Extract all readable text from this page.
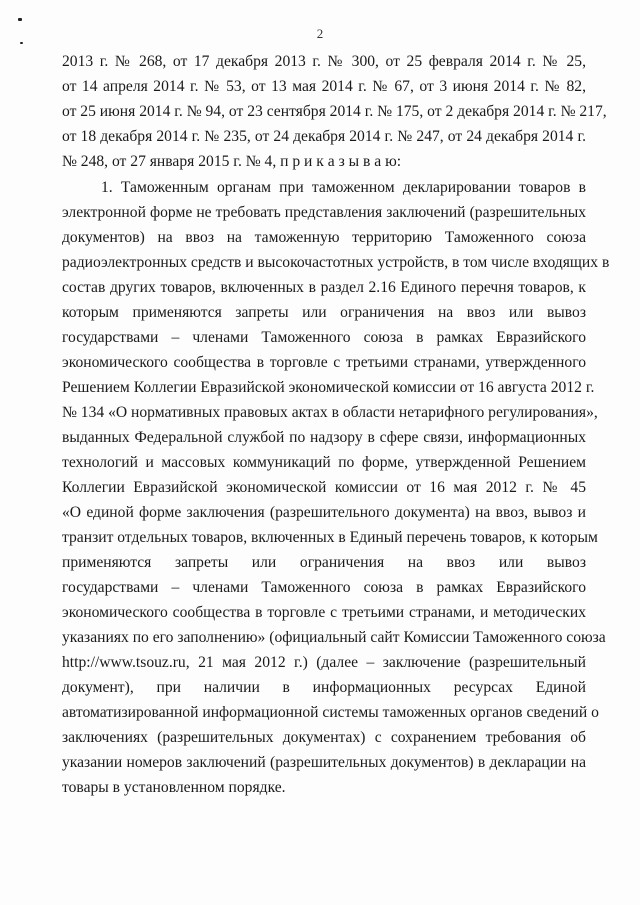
2
2013 г. № 268, от 17 декабря 2013 г. № 300, от 25 февраля 2014 г. № 25,
от 14 апреля 2014 г. № 53, от 13 мая 2014 г. № 67, от 3 июня 2014 г. № 82,
от 25 июня 2014 г. № 94, от 23 сентября 2014 г. № 175, от 2 декабря 2014 г. № 217,
от 18 декабря 2014 г. № 235, от 24 декабря 2014 г. № 247, от 24 декабря 2014 г.
№ 248, от 27 января 2015 г. № 4, п р и к а з ы в а ю:
1. Таможенным органам при таможенном декларировании товаров в
электронной форме не требовать представления заключений (разрешительных
документов) на ввоз на таможенную территорию Таможенного союза
радиоэлектронных средств и высокочастотных устройств, в том числе входящих в
состав других товаров, включенных в раздел 2.16 Единого перечня товаров, к
которым применяются запреты или ограничения на ввоз или вывоз
государствами – членами Таможенного союза в рамках Евразийского
экономического сообщества в торговле с третьими странами, утвержденного
Решением Коллегии Евразийской экономической комиссии от 16 августа 2012 г.
№ 134 «О нормативных правовых актах в области нетарифного регулирования»,
выданных Федеральной службой по надзору в сфере связи, информационных
технологий и массовых коммуникаций по форме, утвержденной Решением
Коллегии Евразийской экономической комиссии от 16 мая 2012 г. № 45
«О единой форме заключения (разрешительного документа) на ввоз, вывоз и
транзит отдельных товаров, включенных в Единый перечень товаров, к которым
применяются запреты или ограничения на ввоз или вывоз
государствами – членами Таможенного союза в рамках Евразийского
экономического сообщества в торговле с третьими странами, и методических
указаниях по его заполнению» (официальный сайт Комиссии Таможенного союза
http://www.tsouz.ru, 21 мая 2012 г.) (далее – заключение (разрешительный
документ), при наличии в информационных ресурсах Единой
автоматизированной информационной системы таможенных органов сведений о
заключениях (разрешительных документах) с сохранением требования об
указании номеров заключений (разрешительных документов) в декларации на
товары в установленном порядке.
